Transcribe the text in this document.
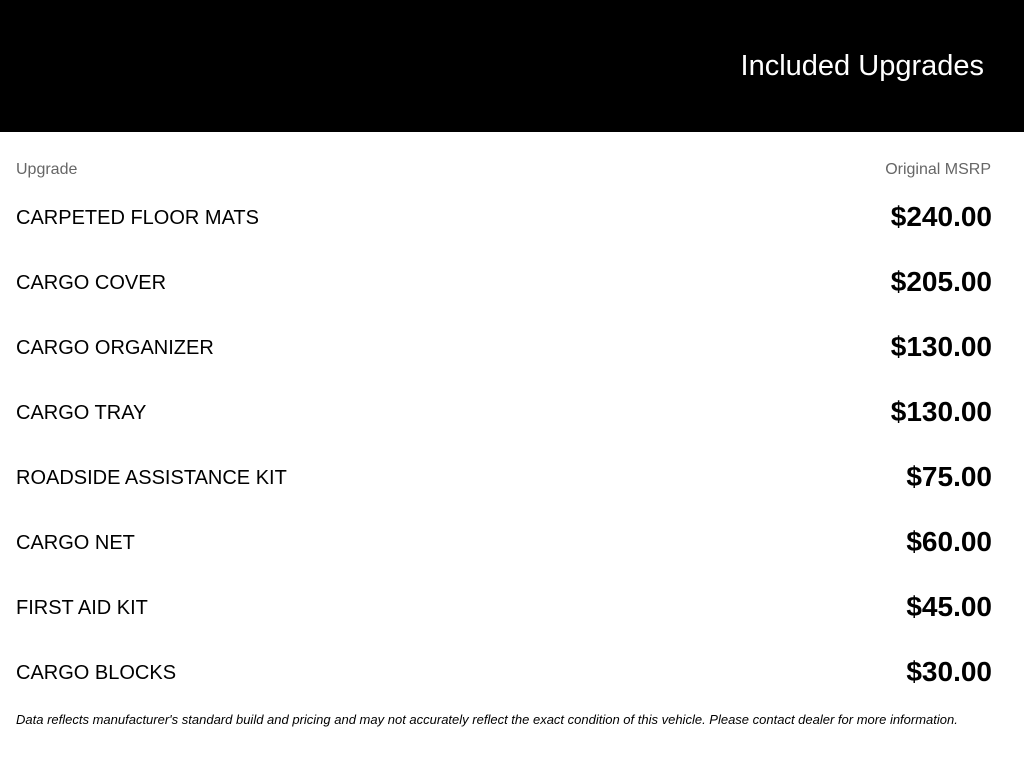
Included Upgrades
Upgrade	Original MSRP
CARPETED FLOOR MATS	$240.00
CARGO COVER	$205.00
CARGO ORGANIZER	$130.00
CARGO TRAY	$130.00
ROADSIDE ASSISTANCE KIT	$75.00
CARGO NET	$60.00
FIRST AID KIT	$45.00
CARGO BLOCKS	$30.00
Data reflects manufacturer's standard build and pricing and may not accurately reflect the exact condition of this vehicle. Please contact dealer for more information.
